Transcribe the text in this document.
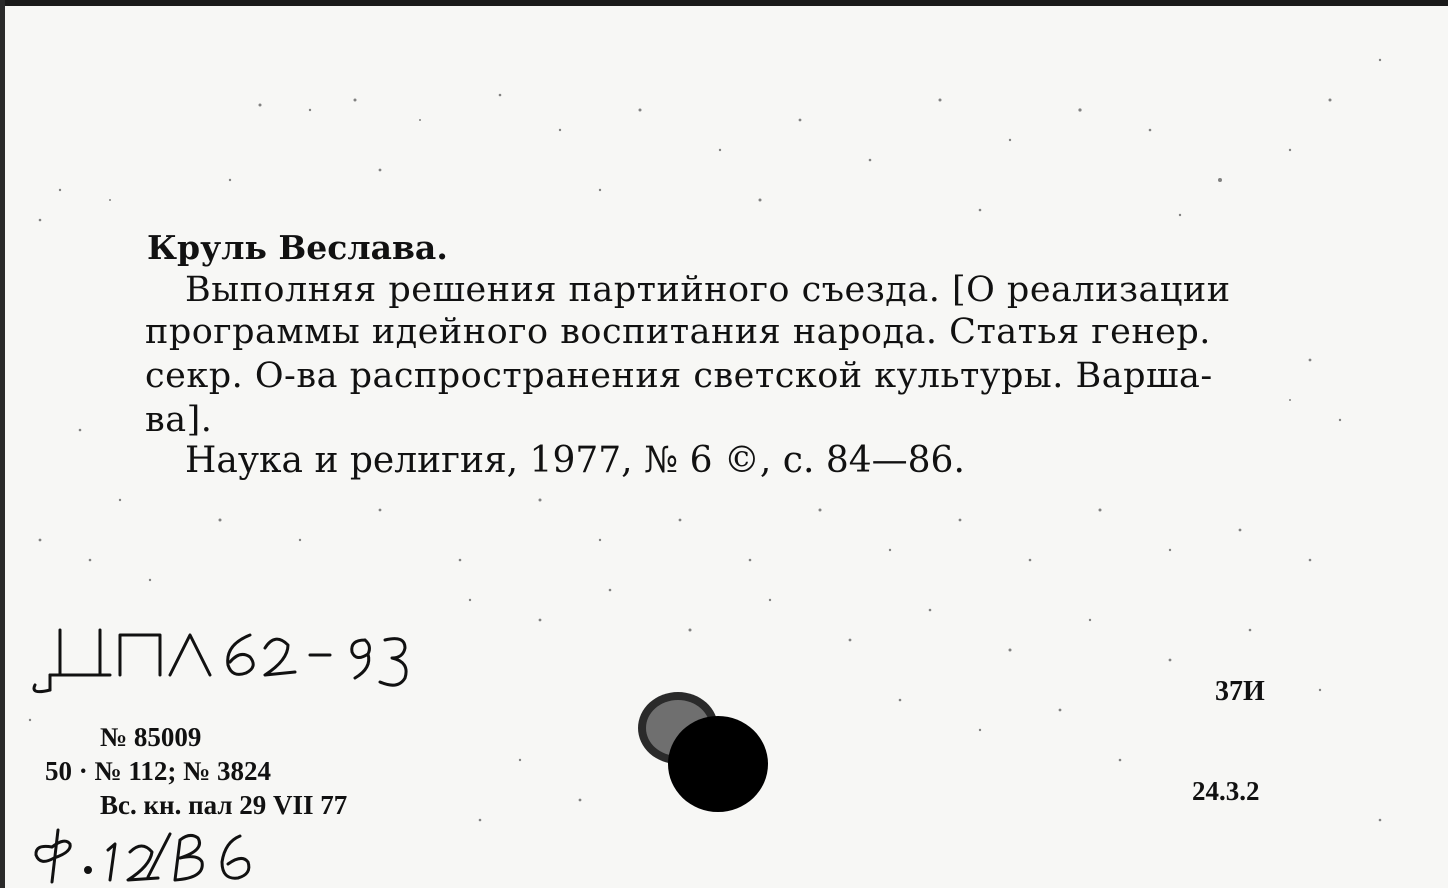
Круль Веслава.
Выполняя решения партийного съезда. [О реализации
программы идейного воспитания народа. Статья генер.
секр. О-ва распространения светской культуры. Варша-
ва].
Наука и религия, 1977, № 6 ©, с. 84—86.
№ 85009
50 · № 112; № 3824
Вс. кн. пал 29 VII 77
37И
24.3.2
